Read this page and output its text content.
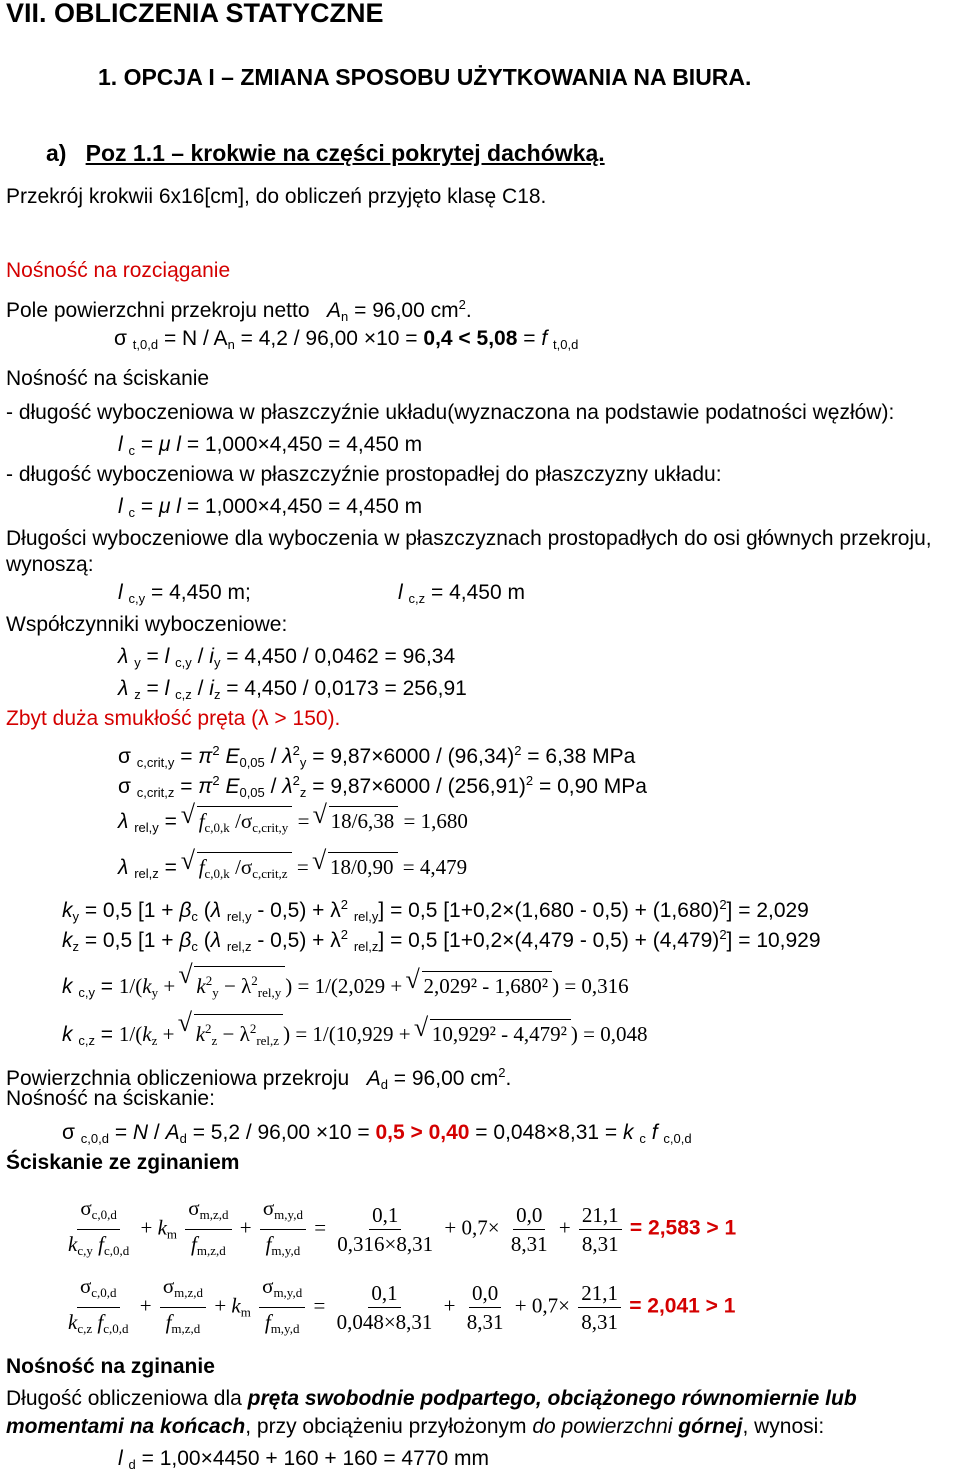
VII. OBLICZENIA STATYCZNE
1. OPCJA I – ZMIANA SPOSOBU UŻYTKOWANIA NA BIURA.
a) Poz 1.1 – krokwie na części pokrytej dachówką.
Przekrój krokwii 6x16[cm], do obliczeń przyjęto klasę C18.
Nośność na rozciąganie
Pole powierzchni przekroju netto $A_n = 96,00$ $cm^2$.
σ $_{t,0,d} = N / A_n = 4,2 / 96,00 \times 10 = 0,4 < 5,08 = f$ $_{t,0,d}$
Nośność na ściskanie
- długość wyboczeniowa w płaszczyźnie układu(wyznaczona na podstawie podatności węzłów):
l $_c$ = μ l = 1,000×4,450 = 4,450 m
- długość wyboczeniowa w płaszczyźnie prostopadłej do płaszczyzny układu:
l $_c$ = μ l = 1,000×4,450 = 4,450 m
Długości wyboczeniowe dla wyboczenia w płaszczyznach prostopadłych do osi głównych przekroju,
wynoszą:
l $_{c,y}$ = 4,450 m;	l $_{c,z}$ = 4,450 m
Współczynniki wyboczeniowe:
λ $_y$ = l $_{c,y} / i_y = 4,450 / 0,0462 = 96,34$
λ $_z$ = l $_{c,z} / i_z = 4,450 / 0,0173 = 256,91$
Zbyt duża smukłość pręta (λ > 150).
σ $_{c,crit,y} = \pi^2$ $E_{0,05} / \lambda^2_y = 9,87\times 6000 / (96,34)^2 = 6,38$ MPa
σ $_{c,crit,z} = \pi^2$ $E_{0,05} / \lambda^2_z = 9,87\times 6000 / (256,91)^2 = 0,90$ MPa
λ $_{rel,y}$ = √ $f_{c,0,k}$ $/\sigma_{c,crit,y}$ = √ 18/6,38 = 1,680
λ $_{rel,z}$ = √ $f_{c,0,k}$ $/\sigma_{c,crit,z}$ = √ 18/0,90 = 4,479
$k_y = 0,5$ [$1 + \beta_c$ (λ $_{rel,y} - 0,5) + \lambda^2$ $_{rel,y}$] = 0,5 $[1+0,2\times(1,680 - 0,5) + (1,680)^2] = 2,029$
$k_z = 0,5$ [$1 + \beta_c$ (λ $_{rel,z} - 0,5) + \lambda^2$ $_{rel,z}$] = 0,5 $[1+0,2\times(4,479 - 0,5) + (4,479)^2] = 10,929$
k $_{c,y} = 1/(k_y$ + √ $k^2_y - \lambda^2_{rel,y}$ ) = 1/(2,029 + √ 2,029² - 1,680² ) = 0,316
k $_{c,z} = 1/(k_z$ + √ $k^2_z - \lambda^2_{rel,z}$ ) = 1/(10,929 + √ 10,929² - 4,479² ) = 0,048
Powierzchnia obliczeniowa przekroju $A_d = 96,00$ $cm^2$.
Nośność na ściskanie:
σ $_{c,0,d} = N / A_d = 5,2 / 96,00 \times 10 = 0,5 > 0,40 = 0,048\times 8,31 = k$ $_c$ f $_{c,0,d}$
Ściskanie ze zginaniem
$\frac{\sigma_{c,0,d}}{k_{c,y} f_{c,0,d}} + k_m \frac{\sigma_{m,z,d}}{f_{m,z,d}} + \frac{\sigma_{m,y,d}}{f_{m,y,d}} = \frac{0,1}{0,316\times 8,31} + 0,7\times \frac{0,0}{8,31} + \frac{21,1}{8,31} = 2,583 > 1$
$\frac{\sigma_{c,0,d}}{k_{c,z} f_{c,0,d}} + \frac{\sigma_{m,z,d}}{f_{m,z,d}} + k_m \frac{\sigma_{m,y,d}}{f_{m,y,d}} = \frac{0,1}{0,048\times 8,31} + \frac{0,0}{8,31} + 0,7\times \frac{21,1}{8,31} = 2,041 > 1$
Nośność na zginanie
Długość obliczeniowa dla pręta swobodnie podpartego, obciążonego równomiernie lub
momentami na końcach, przy obciążeniu przyłożonym do powierzchni górnej, wynosi:
l $_d$ = 1,00×4450 + 160 + 160 = 4770 mm
